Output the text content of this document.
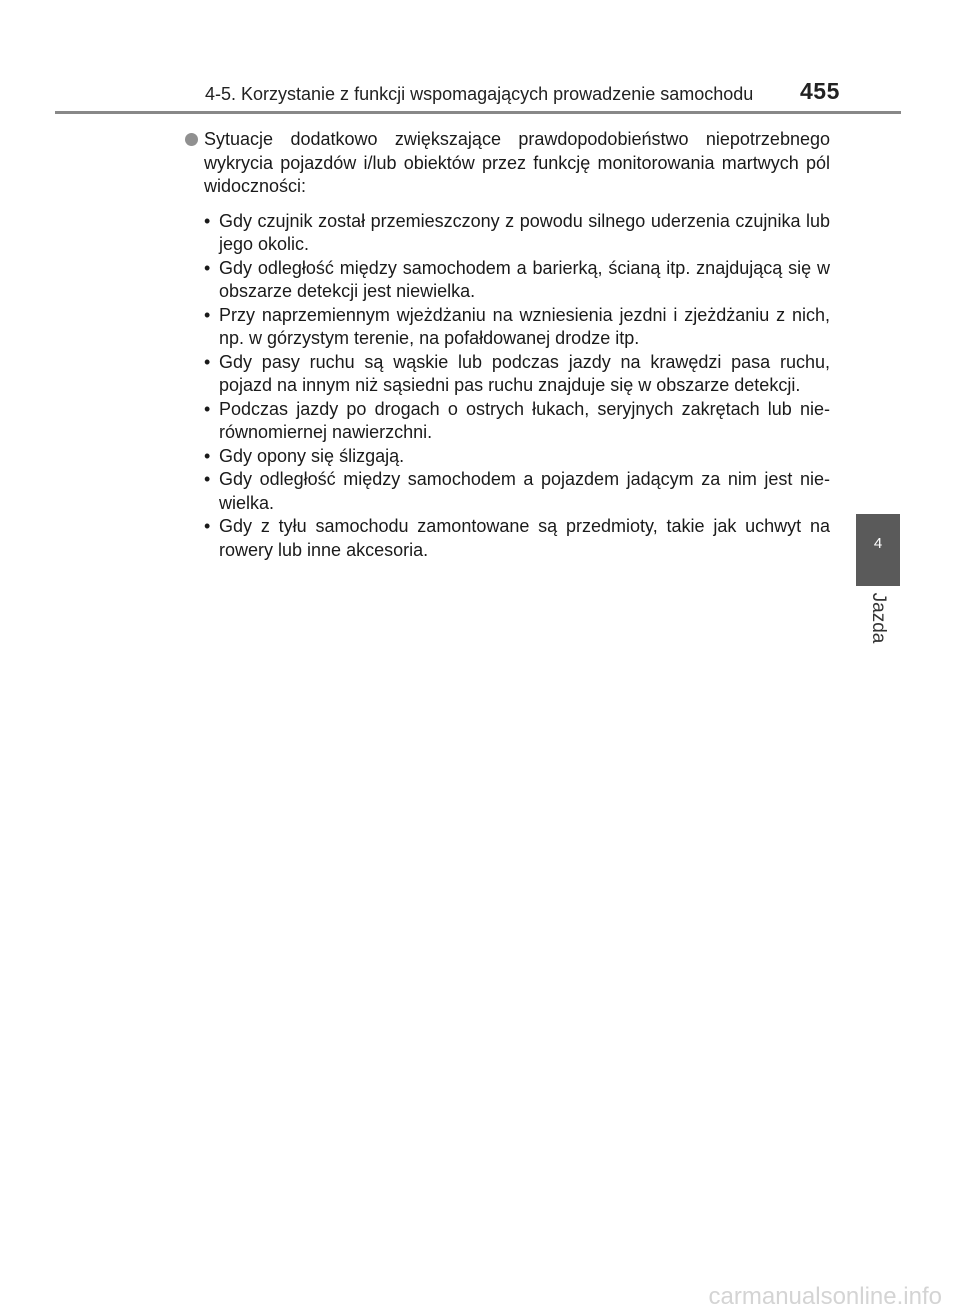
4-5. Korzystanie z funkcji wspomagających prowadzenie samochodu 455
Sytuacje dodatkowo zwiększające prawdopodobieństwo niepotrzebnego wykrycia pojazdów i/lub obiektów przez funkcję monitorowania martwych pól widoczności:
• Gdy czujnik został przemieszczony z powodu silnego uderzenia czujnika lub jego okolic.
• Gdy odległość między samochodem a barierką, ścianą itp. znajdującą się w obszarze detekcji jest niewielka.
• Przy naprzemiennym wjeżdżaniu na wzniesienia jezdni i zjeżdżaniu z nich, np. w górzystym terenie, na pofałdowanej drodze itp.
• Gdy pasy ruchu są wąskie lub podczas jazdy na krawędzi pasa ruchu, pojazd na innym niż sąsiedni pas ruchu znajduje się w obszarze detekcji.
• Podczas jazdy po drogach o ostrych łukach, seryjnych zakrętach lub nie-równomiernej nawierzchni.
• Gdy opony się ślizgają.
• Gdy odległość między samochodem a pojazdem jadącym za nim jest nie-wielka.
• Gdy z tyłu samochodu zamontowane są przedmioty, takie jak uchwyt na rowery lub inne akcesoria.	4
Jazda
carmanualsonline.info
